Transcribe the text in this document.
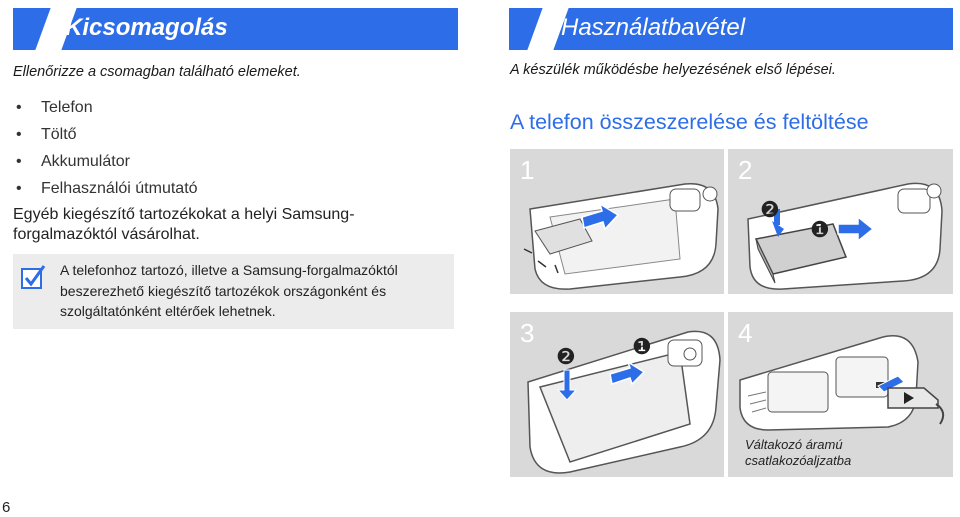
Kicsomagolás
Ellenőrizze a csomagban található elemeket.
• Telefon
• Töltő
• Akkumulátor
• Felhasználói útmutató
Egyéb kiegészítő tartozékokat a helyi Samsung-forgalmazóktól vásárolhat.
A telefonhoz tartozó, illetve a Samsung-forgalmazóktól beszerezhető kiegészítő tartozékok országonként és szolgáltatónként eltérőek lehetnek.
Használatbavétel
A készülék működésbe helyezésének első lépései.
A telefon összeszerelése és feltöltése
1	2
❷
❶
3
❷	❶	4
Váltakozó áramú csatlakozóaljzatba
6
